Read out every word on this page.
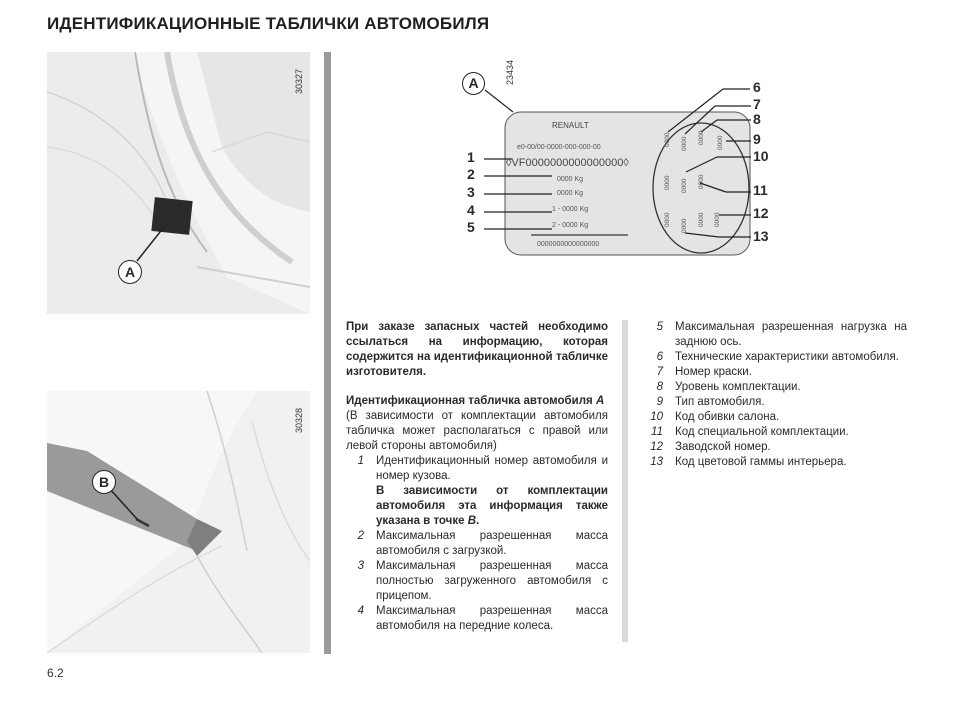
ИДЕНТИФИКАЦИОННЫЕ ТАБЛИЧКИ АВТОМОБИЛЯ
A
30327
B
30328
0000 0000 0000 0000
0000 0000 0000
0000 0000 0000 0000
RENAULT
e0-00/00-0000-000-000-00
◊VF0000000000000000◊
0000 Kg
0000 Kg
1 - 0000 Kg
2 - 0000 Kg
0000000000000000
A	23434
1
2
3
4
5
6
7
8
9
10
11
12
13

При заказе запасных частей необходимо ссылаться на информацию, которая содержится на идентификационной табличке изготовителя.

Идентификационная табличка автомобиля A

(В зависимости от комплектации автомобиля табличка может располагаться с правой или левой стороны автомобиля)

1 Идентификационный номер автомобиля и номер кузова.
В зависимости от комплектации автомобиля эта информация также указана в точке B.
2 Максимальная разрешенная масса автомобиля с загрузкой.
3 Максимальная разрешенная масса полностью загруженного автомобиля с прицепом.
4 Максимальная разрешенная масса автомобиля на передние колеса.
5 Максимальная разрешенная нагрузка на заднюю ось.
6 Технические характеристики автомобиля.
7 Номер краски.
8 Уровень комплектации.
9 Тип автомобиля.
10 Код обивки салона.
11 Код специальной комплектации.
12 Заводской номер.
13 Код цветовой гаммы интерьера.
6.2
